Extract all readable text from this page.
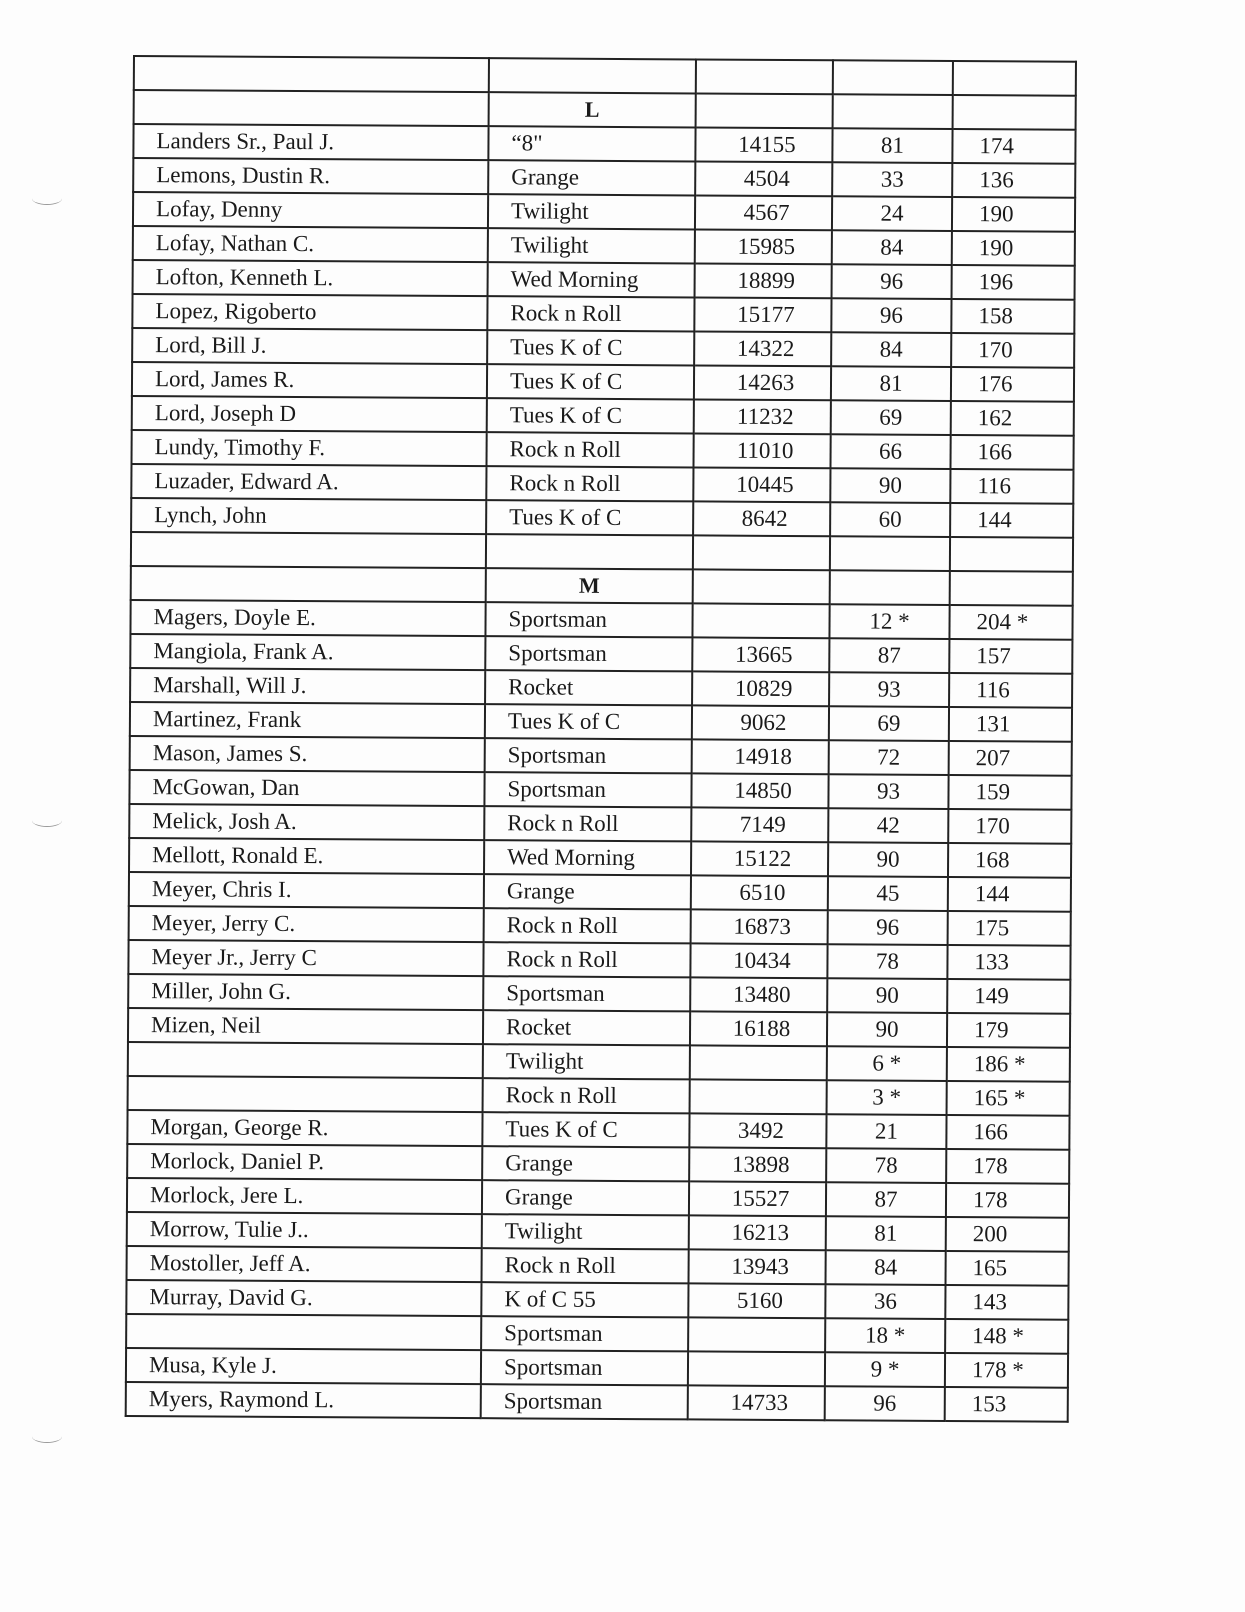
	L			
Landers Sr., Paul J.	“8"	14155	81	174
Lemons, Dustin R.	Grange	4504	33	136
Lofay, Denny	Twilight	4567	24	190
Lofay, Nathan C.	Twilight	15985	84	190
Lofton, Kenneth L.	Wed Morning	18899	96	196
Lopez, Rigoberto	Rock n Roll	15177	96	158
Lord, Bill J.	Tues K of C	14322	84	170
Lord, James R.	Tues K of C	14263	81	176
Lord, Joseph D	Tues K of C	11232	69	162
Lundy, Timothy F.	Rock n Roll	11010	66	166
Luzader, Edward A.	Rock n Roll	10445	90	116
Lynch, John	Tues K of C	8642	60	144

	M			
Magers, Doyle E.	Sportsman		12 *	204 *
Mangiola, Frank A.	Sportsman	13665	87	157
Marshall, Will J.	Rocket	10829	93	116
Martinez, Frank	Tues K of C	9062	69	131
Mason, James S.	Sportsman	14918	72	207
McGowan, Dan	Sportsman	14850	93	159
Melick, Josh A.	Rock n Roll	7149	42	170
Mellott, Ronald E.	Wed Morning	15122	90	168
Meyer, Chris I.	Grange	6510	45	144
Meyer, Jerry C.	Rock n Roll	16873	96	175
Meyer Jr., Jerry C	Rock n Roll	10434	78	133
Miller, John G.	Sportsman	13480	90	149
Mizen, Neil	Rocket	16188	90	179
	Twilight		6 *	186 *
	Rock n Roll		3 *	165 *
Morgan, George R.	Tues K of C	3492	21	166
Morlock, Daniel P.	Grange	13898	78	178
Morlock, Jere L.	Grange	15527	87	178
Morrow, Tulie J..	Twilight	16213	81	200
Mostoller, Jeff A.	Rock n Roll	13943	84	165
Murray, David G.	K of C 55	5160	36	143
	Sportsman		18 *	148 *
Musa, Kyle J.	Sportsman		9 *	178 *
Myers, Raymond L.	Sportsman	14733	96	153
